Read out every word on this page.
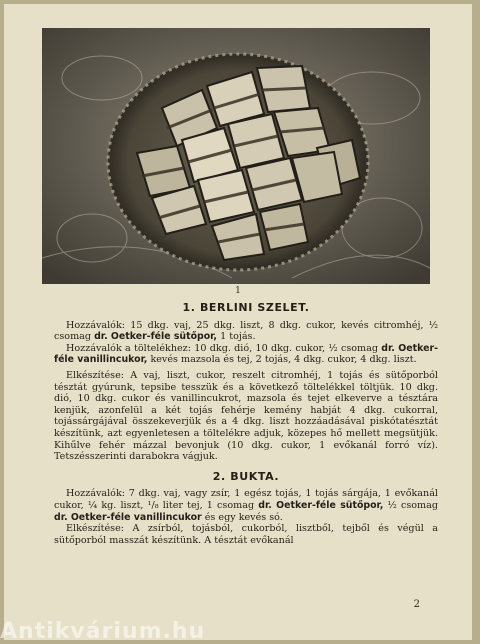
1
1. BERLINI SZELET.

Hozzávalók: 15 dkg. vaj, 25 dkg. liszt, 8 dkg. cukor, kevés citromhéj, ½ csomag dr. Oetker-féle sütőpor, 1 tojás.

Hozzávalók a töltelékhez: 10 dkg. dió, 10 dkg. cukor, ½ csomag dr. Oetker-féle vanillincukor, kevés mazsola és tej, 2 tojás, 4 dkg. cukor, 4 dkg. liszt.

Elkészítése: A vaj, liszt, cukor, reszelt citromhéj, 1 tojás és sütőporból tésztát gyúrunk, tepsibe tesszük és a következő töltelékkel töltjük. 10 dkg. dió, 10 dkg. cukor és vanillincukrot, mazsola és tejet elkeverve a tésztára kenjük, azonfelül a két tojás fehérje kemény habját 4 dkg. cukorral, tojássárgájával összekeverjük és a 4 dkg. liszt hozzáadásával piskótatésztát készítünk, azt egyenletesen a töltelékre adjuk, közepes hő mellett megsütjük. Kihűlve fehér mázzal bevonjuk (10 dkg. cukor, 1 evőkanál forró víz). Tetszésszerinti darabokra vágjuk.

2. BUKTA.

Hozzávalók: 7 dkg. vaj, vagy zsír, 1 egész tojás, 1 tojás sárgája, 1 evőkanál cukor, ¼ kg. liszt, ¹/₈ liter tej, 1 csomag dr. Oetker-féle sütőpor, ½ csomag dr. Oetker-féle vanillincukor és egy kevés só.

Elkészítése: A zsírból, tojásból, cukorból, lisztből, tejből és végül a sütőporból masszát készítünk. A tésztát evőkanál

2
Antikvárium.hu
